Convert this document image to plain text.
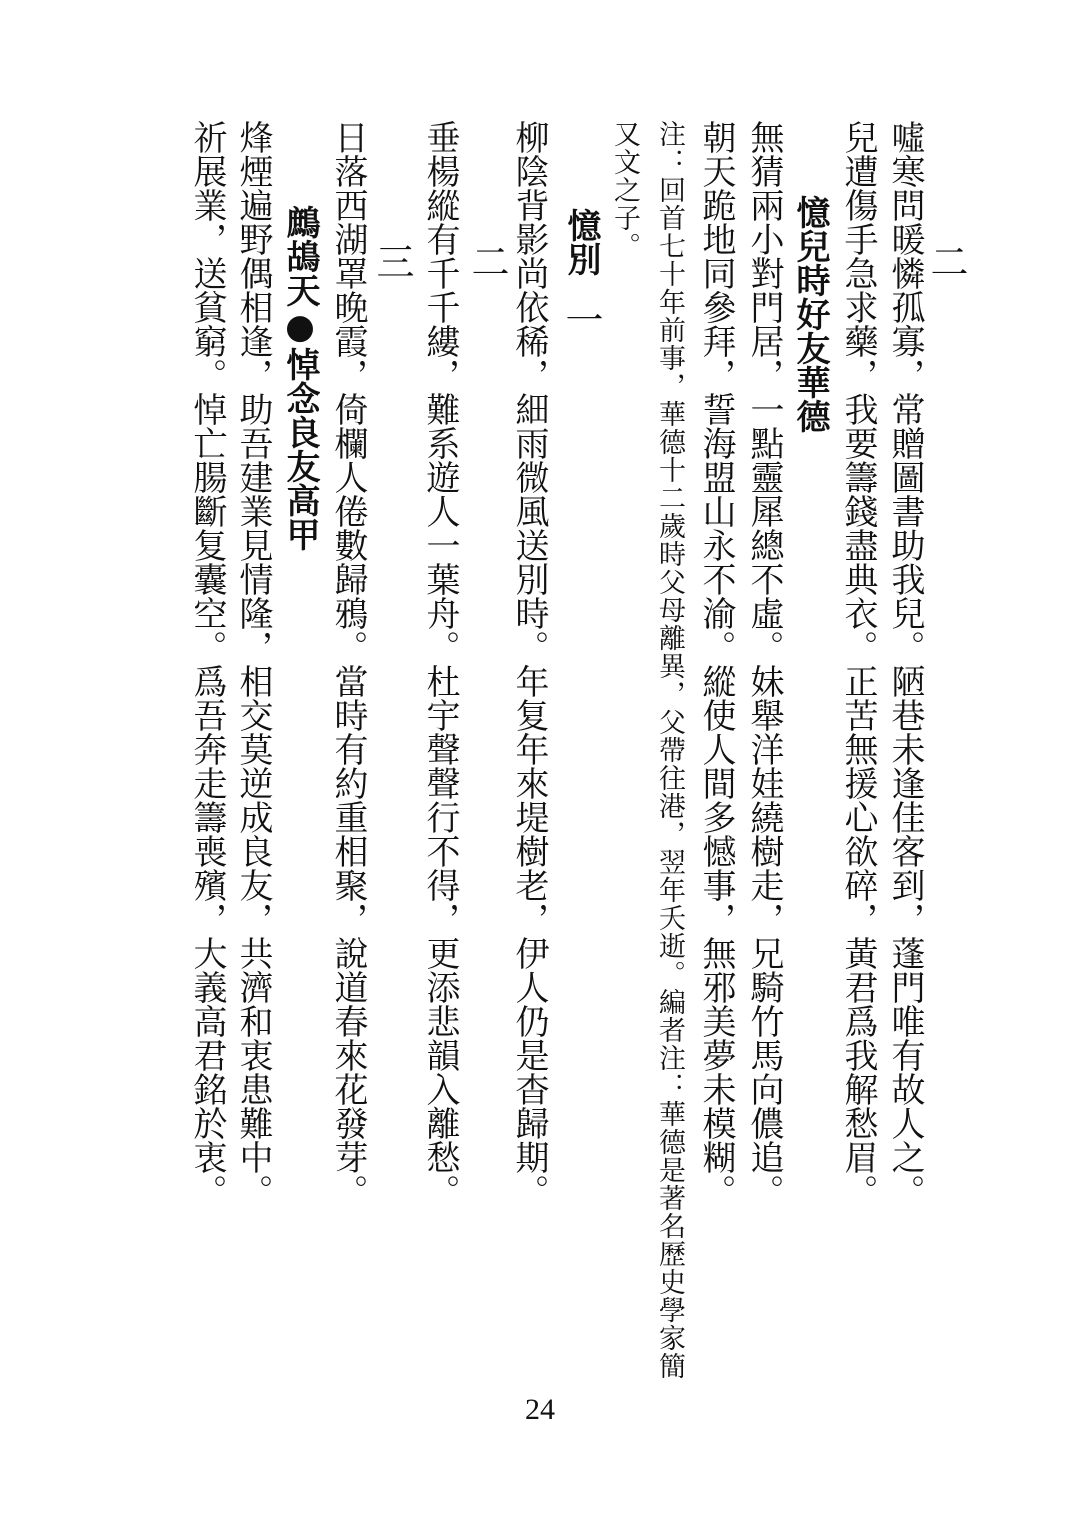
二
噓寒問暖憐孤寡，常贈圖書助我兒。陋巷未逢佳客到，蓬門唯有故人之。
兒遭傷手急求藥，我要籌錢盡典衣。正苦無援心欲碎，黃君爲我解愁眉。
憶兒時好友華德
無猜兩小對門居，一點靈犀總不虛。妹舉洋娃繞樹走，兄騎竹馬向儂追。
朝天跪地同參拜，誓海盟山永不渝。縱使人間多憾事，無邪美夢未模糊。
注：回首七十年前事，華德十二歲時父母離異，父帶往港，翌年夭逝。編者注：華德是著名歷史學家簡
又文之子。
憶別
一
柳陰背影尚依稀，細雨微風送別時。年复年來堤樹老，伊人仍是杳歸期。
二
垂楊縱有千千縷，難系遊人一葉舟。杜宇聲聲行不得，更添悲韻入離愁。
三
日落西湖罩晚霞，倚欄人倦數歸鴉。當時有約重相聚，說道春來花發芽。
鷓鴣天●悼念良友高甲
烽煙遍野偶相逢，助吾建業見情隆，相交莫逆成良友，共濟和衷患難中。
祈展業，送貧窮。悼亡腸斷复囊空。爲吾奔走籌喪殯，大義高君銘於衷。
24
